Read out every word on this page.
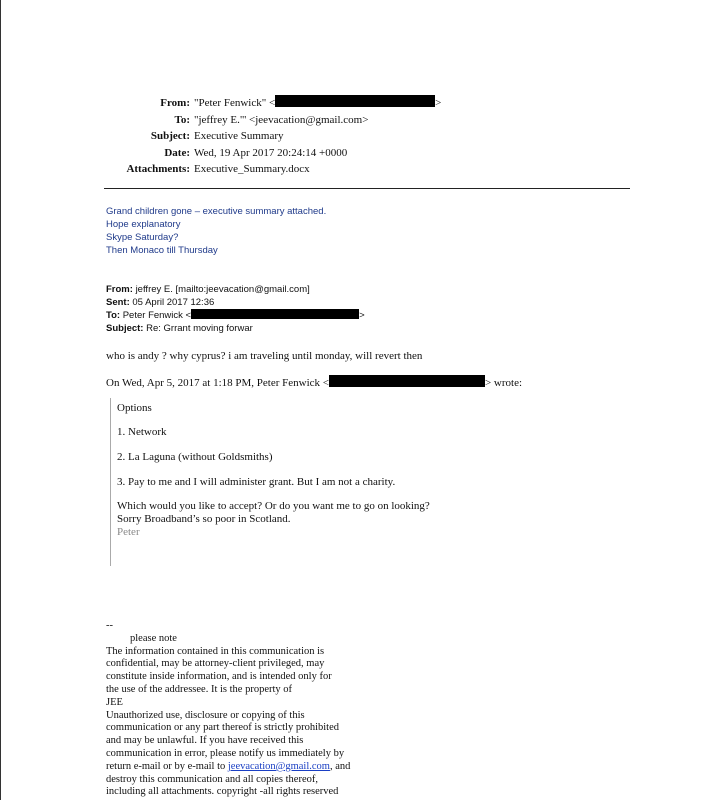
From: "Peter Fenwick" <	>
To: "jeffrey E."' <jeevacation@gmail.com>
Subject: Executive Summary
Date: Wed, 19 Apr 2017 20:24:14 +0000
Attachments: Executive_Summary.docx
Grand children gone – executive summary attached.
Hope explanatory
Skype Saturday?
Then Monaco till Thursday
From: jeffrey E. [mailto:jeevacation@gmail.com]
Sent: 05 April 2017 12:36
To: Peter Fenwick <	>
Subject: Re: Grrant moving forwar
who is andy ? why cyprus? i am traveling until monday, will revert then
On Wed, Apr 5, 2017 at 1:18 PM, Peter Fenwick <	> wrote:
Options
1. Network
2. La Laguna (without Goldsmiths)
3. Pay to me and I will administer grant. But I am not a charity.
Which would you like to accept? Or do you want me to go on looking?
Sorry Broadband’s so poor in Scotland.
Peter
--
please note
The information contained in this communication is
confidential, may be attorney-client privileged, may
constitute inside information, and is intended only for
the use of the addressee. It is the property of
JEE
Unauthorized use, disclosure or copying of this
communication or any part thereof is strictly prohibited
and may be unlawful. If you have received this
communication in error, please notify us immediately by
return e-mail or by e-mail to jeevacation@gmail.com, and
destroy this communication and all copies thereof,
including all attachments. copyright -all rights reserved
